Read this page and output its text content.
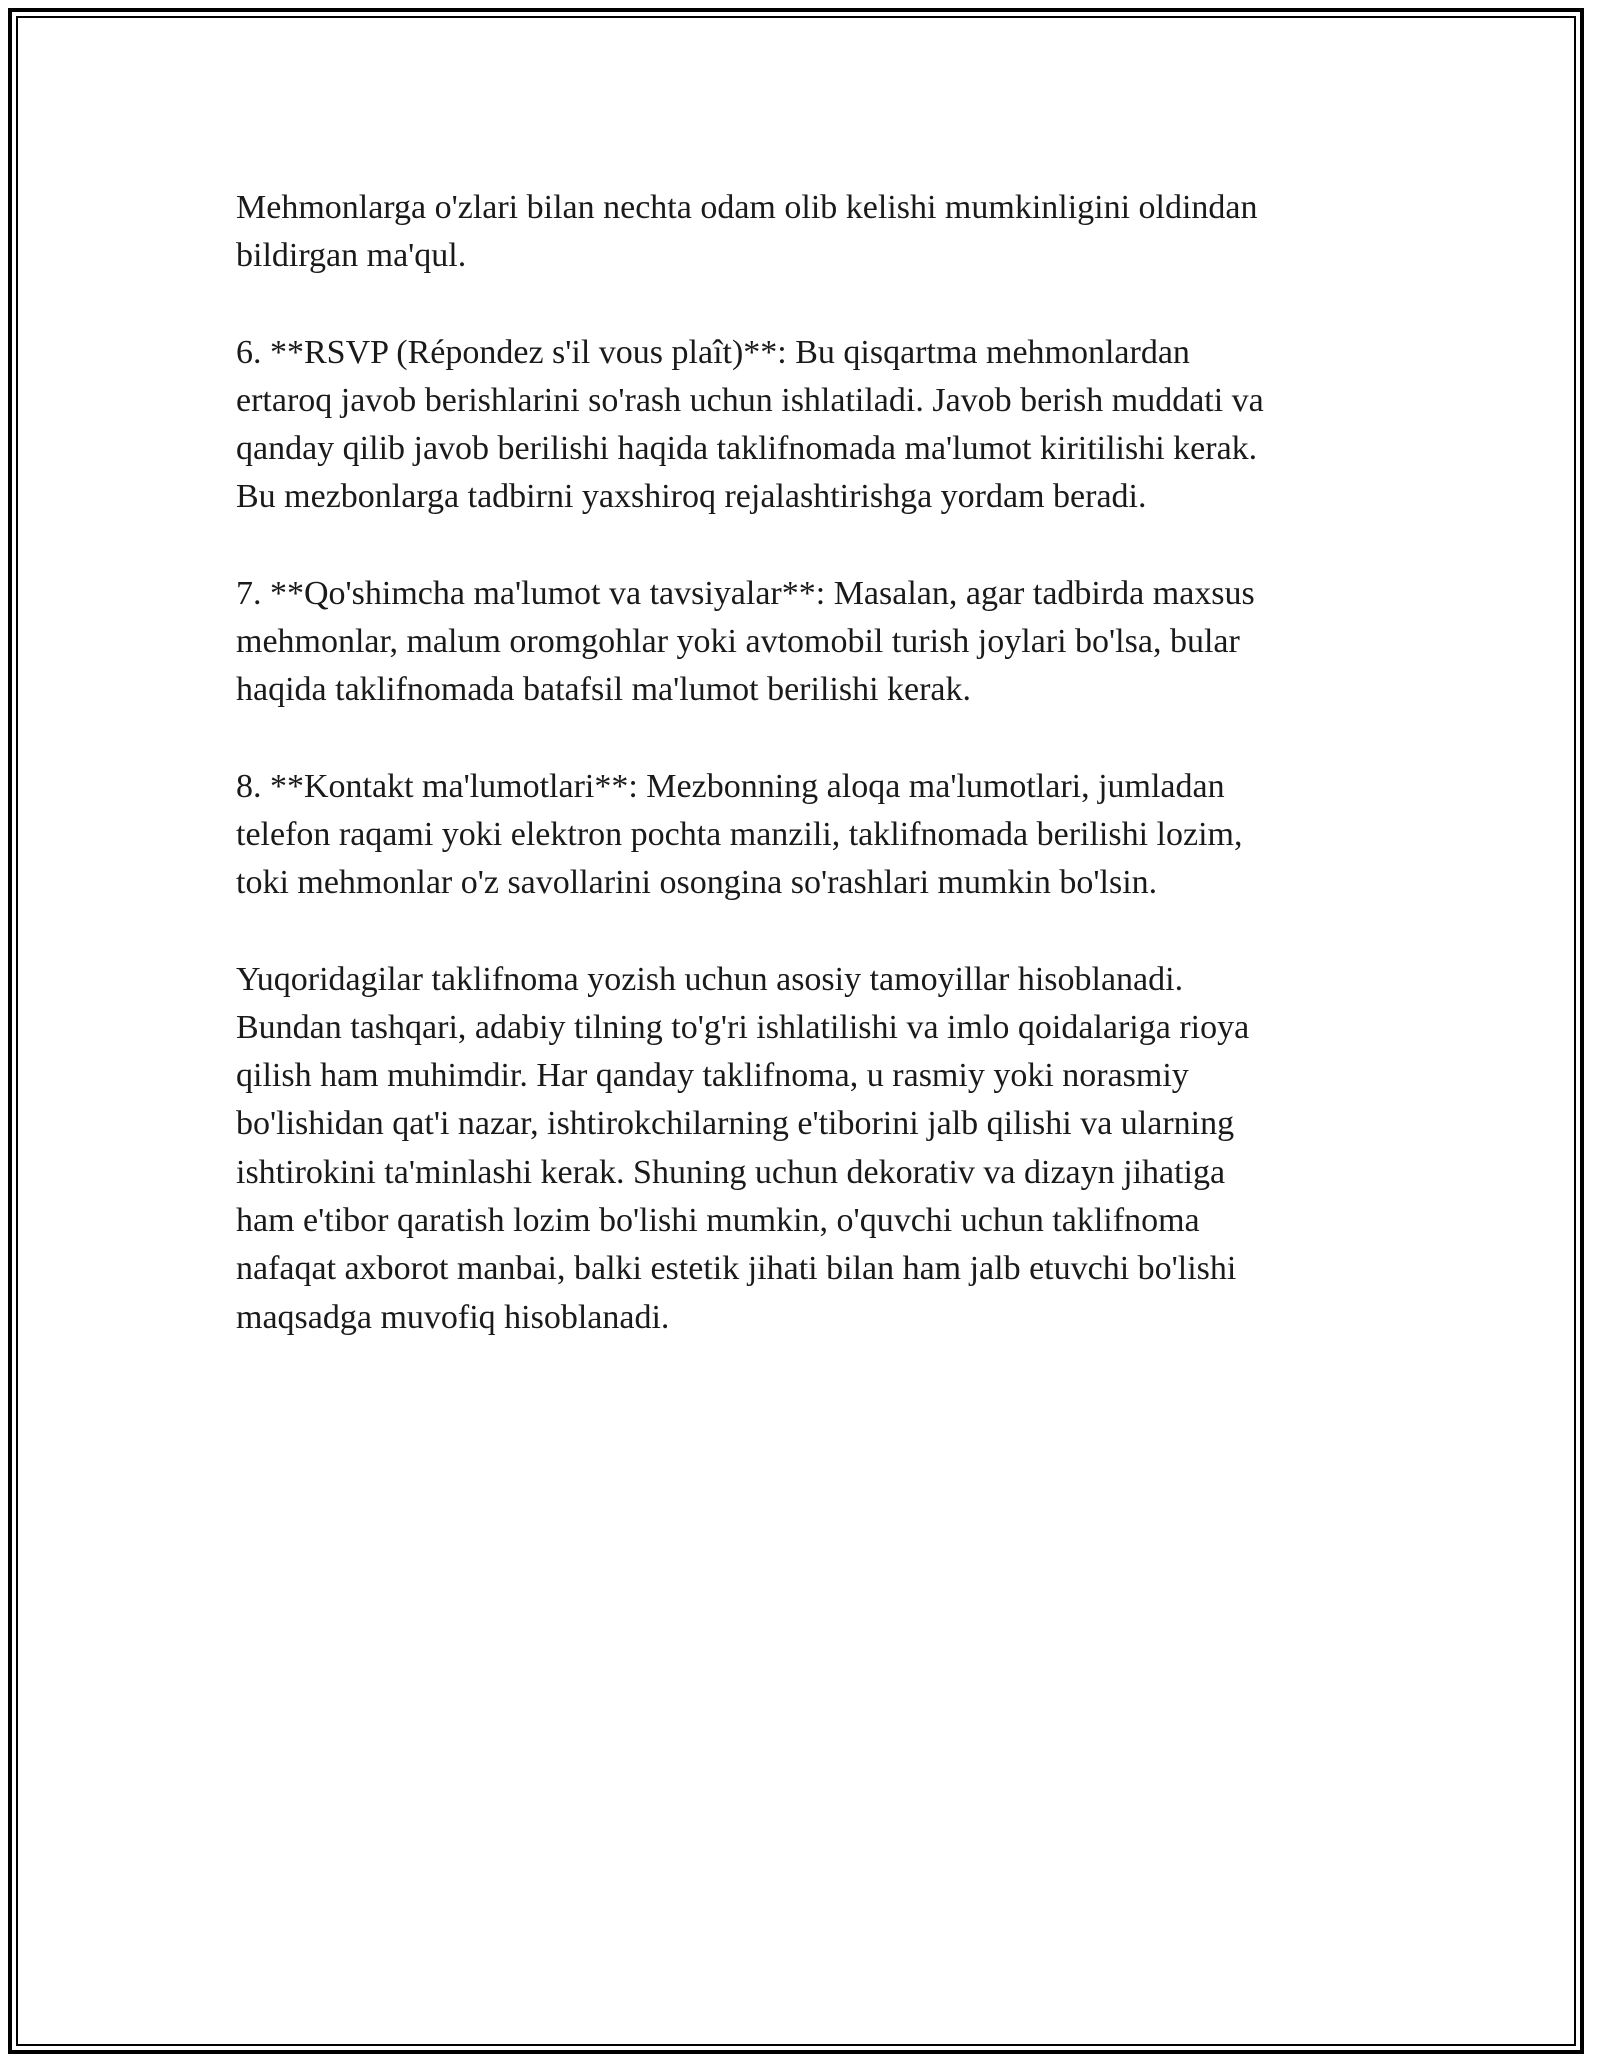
Mehmonlarga o'zlari bilan nechta odam olib kelishi mumkinligini oldindan
bildirgan ma'qul.

6. **RSVP (Répondez s'il vous plaît)**: Bu qisqartma mehmonlardan
ertaroq javob berishlarini so'rash uchun ishlatiladi. Javob berish muddati va
qanday qilib javob berilishi haqida taklifnomada ma'lumot kiritilishi kerak.
Bu mezbonlarga tadbirni yaxshiroq rejalashtirishga yordam beradi.

7. **Qo'shimcha ma'lumot va tavsiyalar**: Masalan, agar tadbirda maxsus
mehmonlar, malum oromgohlar yoki avtomobil turish joylari bo'lsa, bular
haqida taklifnomada batafsil ma'lumot berilishi kerak.

8. **Kontakt ma'lumotlari**: Mezbonning aloqa ma'lumotlari, jumladan
telefon raqami yoki elektron pochta manzili, taklifnomada berilishi lozim,
toki mehmonlar o'z savollarini osongina so'rashlari mumkin bo'lsin.

Yuqoridagilar taklifnoma yozish uchun asosiy tamoyillar hisoblanadi.
Bundan tashqari, adabiy tilning to'g'ri ishlatilishi va imlo qoidalariga rioya
qilish ham muhimdir. Har qanday taklifnoma, u rasmiy yoki norasmiy
bo'lishidan qat'i nazar, ishtirokchilarning e'tiborini jalb qilishi va ularning
ishtirokini ta'minlashi kerak. Shuning uchun dekorativ va dizayn jihatiga
ham e'tibor qaratish lozim bo'lishi mumkin, o'quvchi uchun taklifnoma
nafaqat axborot manbai, balki estetik jihati bilan ham jalb etuvchi bo'lishi
maqsadga muvofiq hisoblanadi.
